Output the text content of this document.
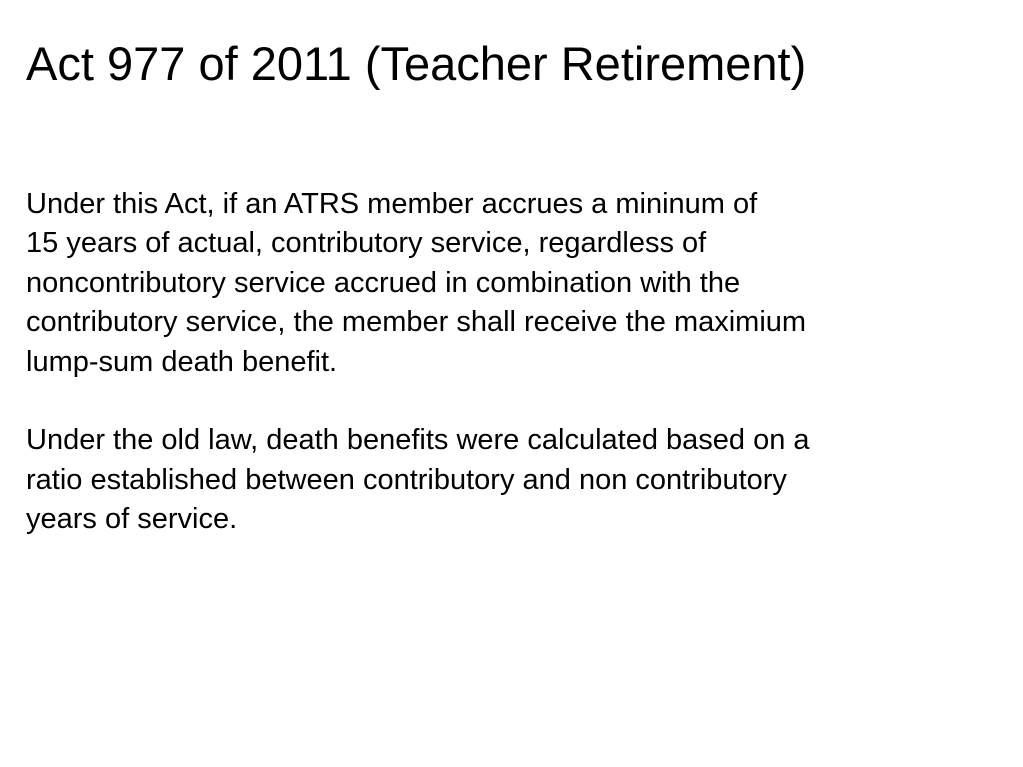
Act 977 of 2011 (Teacher Retirement)

Under this Act, if an ATRS member accrues a mininum of
15 years of actual, contributory service, regardless of
noncontributory service accrued in combination with the
contributory service, the member shall receive the maximium
lump-sum death benefit.

Under the old law, death benefits were calculated based on a
ratio established between contributory and non contributory
years of service.
